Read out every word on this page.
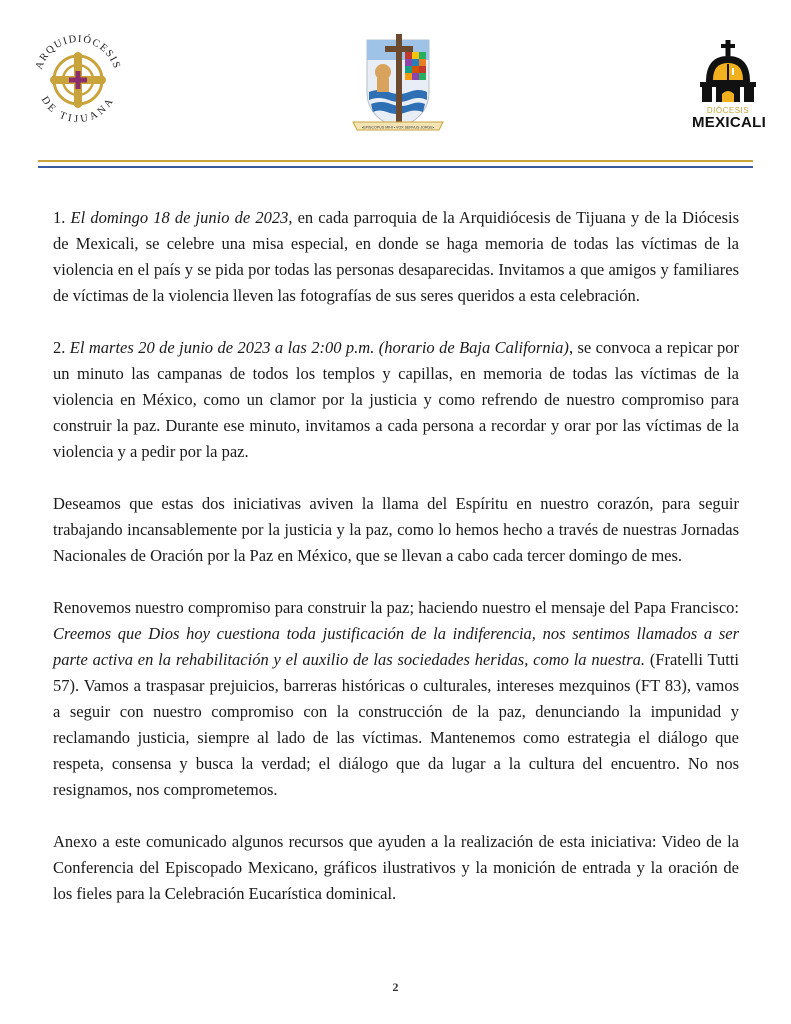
ARQUIDIÓCESIS
DE TIJUANA
•EPISCOPUS MIHI • VOX SERVUS JORGE•
DIÓCESIS
MEXICALI

1. El domingo 18 de junio de 2023, en cada parroquia de la Arquidiócesis de Tijuana y de la Diócesis de Mexicali, se celebre una misa especial, en donde se haga memoria de todas las víctimas de la violencia en el país y se pida por todas las personas desaparecidas. Invitamos a que amigos y familiares de víctimas de la violencia lleven las fotografías de sus seres queridos a esta celebración.

2. El martes 20 de junio de 2023 a las 2:00 p.m. (horario de Baja California), se convoca a repicar por un minuto las campanas de todos los templos y capillas, en memoria de todas las víctimas de la violencia en México, como un clamor por la justicia y como refrendo de nuestro compromiso para construir la paz. Durante ese minuto, invitamos a cada persona a recordar y orar por las víctimas de la violencia y a pedir por la paz.

Deseamos que estas dos iniciativas aviven la llama del Espíritu en nuestro corazón, para seguir trabajando incansablemente por la justicia y la paz, como lo hemos hecho a través de nuestras Jornadas Nacionales de Oración por la Paz en México, que se llevan a cabo cada tercer domingo de mes.

Renovemos nuestro compromiso para construir la paz; haciendo nuestro el mensaje del Papa Francisco: Creemos que Dios hoy cuestiona toda justificación de la indiferencia, nos sentimos llamados a ser parte activa en la rehabilitación y el auxilio de las sociedades heridas, como la nuestra. (Fratelli Tutti 57). Vamos a traspasar prejuicios, barreras históricas o culturales, intereses mezquinos (FT 83), vamos a seguir con nuestro compromiso con la construcción de la paz, denunciando la impunidad y reclamando justicia, siempre al lado de las víctimas. Mantenemos como estrategia el diálogo que respeta, consensa y busca la verdad; el diálogo que da lugar a la cultura del encuentro. No nos resignamos, nos comprometemos.

Anexo a este comunicado algunos recursos que ayuden a la realización de esta iniciativa: Video de la Conferencia del Episcopado Mexicano, gráficos ilustrativos y la monición de entrada y la oración de los fieles para la Celebración Eucarística dominical.

2
